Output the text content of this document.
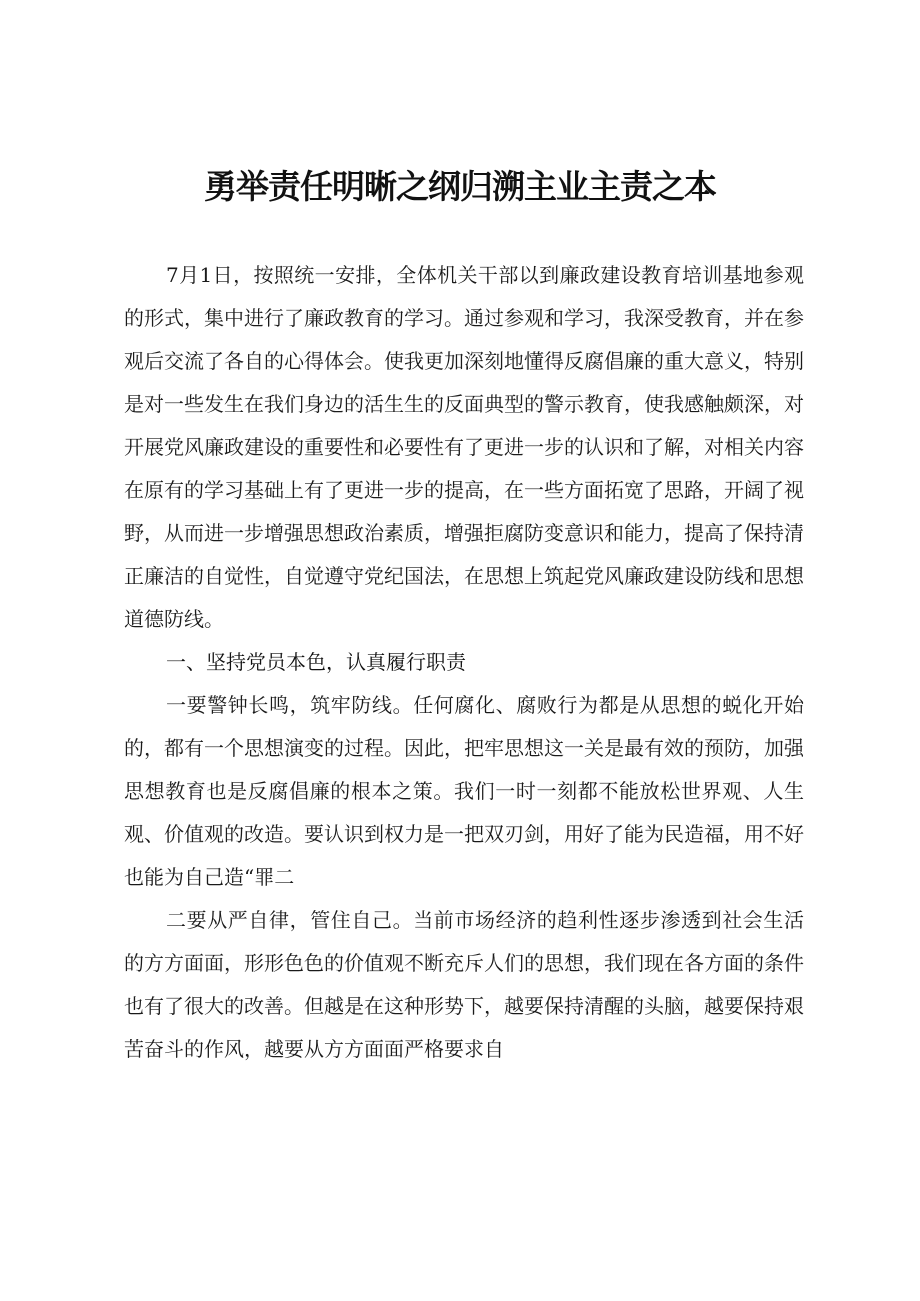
勇举责任明晰之纲归溯主业主责之本

7月1日，按照统一安排，全体机关干部以到廉政建设教育培训基地参观的形式，集中进行了廉政教育的学习。通过参观和学习，我深受教育，并在参观后交流了各自的心得体会。使我更加深刻地懂得反腐倡廉的重大意义，特别是对一些发生在我们身边的活生生的反面典型的警示教育，使我感触颇深，对开展党风廉政建设的重要性和必要性有了更进一步的认识和了解，对相关内容在原有的学习基础上有了更进一步的提高，在一些方面拓宽了思路，开阔了视野，从而进一步增强思想政治素质，增强拒腐防变意识和能力，提高了保持清正廉洁的自觉性，自觉遵守党纪国法，在思想上筑起党风廉政建设防线和思想道德防线。

一、坚持党员本色，认真履行职责

一要警钟长鸣，筑牢防线。任何腐化、腐败行为都是从思想的蜕化开始的，都有一个思想演变的过程。因此，把牢思想这一关是最有效的预防，加强思想教育也是反腐倡廉的根本之策。我们一时一刻都不能放松世界观、人生观、价值观的改造。要认识到权力是一把双刃剑，用好了能为民造福，用不好也能为自己造“罪二

二要从严自律，管住自己。当前市场经济的趋利性逐步渗透到社会生活的方方面面，形形色色的价值观不断充斥人们的思想，我们现在各方面的条件也有了很大的改善。但越是在这种形势下，越要保持清醒的头脑，越要保持艰苦奋斗的作风，越要从方方面面严格要求自
